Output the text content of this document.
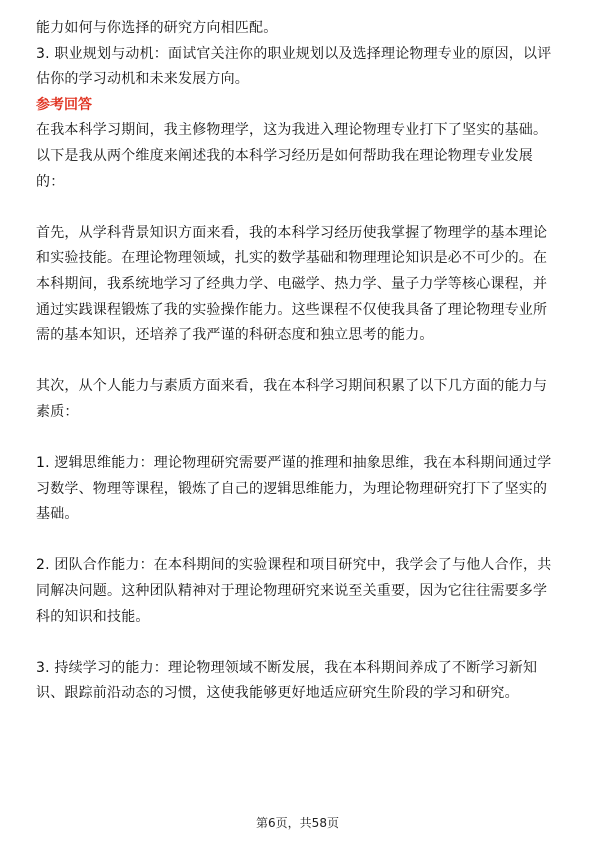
能力如何与你选择的研究方向相匹配。
3. 职业规划与动机：面试官关注你的职业规划以及选择理论物理专业的原因，以评
估你的学习动机和未来发展方向。
参考回答
在我本科学习期间，我主修物理学，这为我进入理论物理专业打下了坚实的基础。
以下是我从两个维度来阐述我的本科学习经历是如何帮助我在理论物理专业发展
的：
首先，从学科背景知识方面来看，我的本科学习经历使我掌握了物理学的基本理论
和实验技能。在理论物理领域，扎实的数学基础和物理理论知识是必不可少的。在
本科期间，我系统地学习了经典力学、电磁学、热力学、量子力学等核心课程，并
通过实践课程锻炼了我的实验操作能力。这些课程不仅使我具备了理论物理专业所
需的基本知识，还培养了我严谨的科研态度和独立思考的能力。
其次，从个人能力与素质方面来看，我在本科学习期间积累了以下几方面的能力与
素质：
1. 逻辑思维能力：理论物理研究需要严谨的推理和抽象思维，我在本科期间通过学
习数学、物理等课程，锻炼了自己的逻辑思维能力，为理论物理研究打下了坚实的
基础。
2. 团队合作能力：在本科期间的实验课程和项目研究中，我学会了与他人合作，共
同解决问题。这种团队精神对于理论物理研究来说至关重要，因为它往往需要多学
科的知识和技能。
3. 持续学习的能力：理论物理领域不断发展，我在本科期间养成了不断学习新知
识、跟踪前沿动态的习惯，这使我能够更好地适应研究生阶段的学习和研究。
第6页，共58页
